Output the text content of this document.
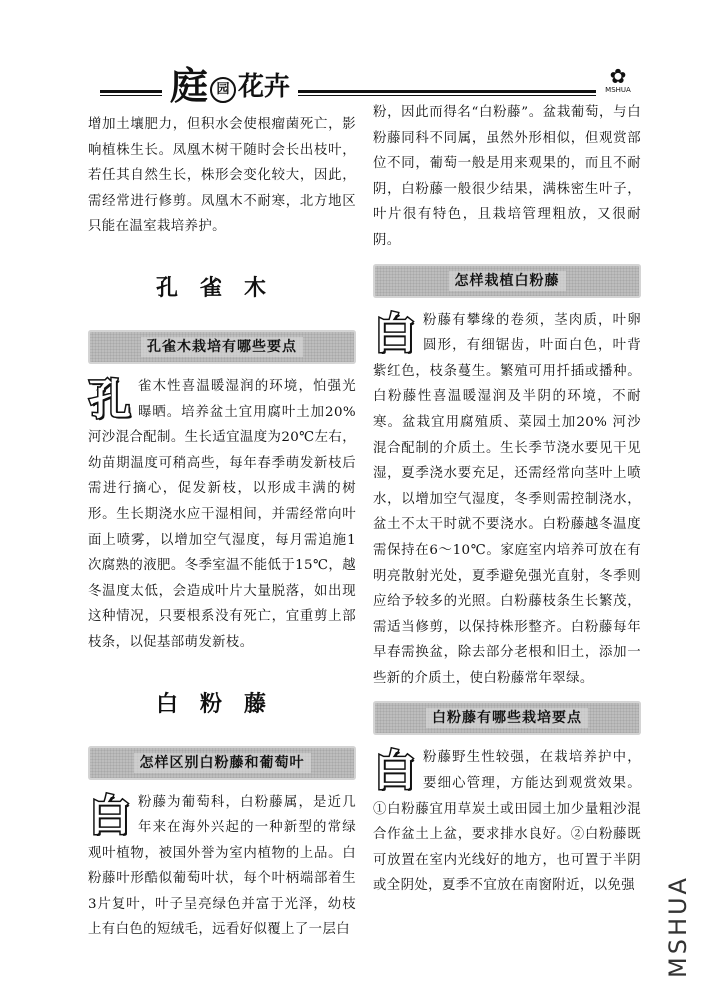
庭 园 花卉	✿
MSHUA

增加土壤肥力，但积水会使根瘤菌死亡，影响植株生长。凤凰木树干随时会长出枝叶，若任其自然生长，株形会变化较大，因此，需经常进行修剪。凤凰木不耐寒，北方地区只能在温室栽培养护。

孔雀木
孔雀木栽培有哪些要点
孔 雀木性喜温暖湿润的环境，怕强光曝晒。培养盆土宜用腐叶土加20% 河沙混合配制。生长适宜温度为20℃左右，幼苗期温度可稍高些，每年春季萌发新枝后需进行摘心，促发新枝，以形成丰满的树形。生长期浇水应干湿相间，并需经常向叶面上喷雾，以增加空气湿度，每月需追施1次腐熟的液肥。冬季室温不能低于15℃，越冬温度太低，会造成叶片大量脱落，如出现这种情况，只要根系没有死亡，宜重剪上部枝条，以促基部萌发新枝。

白粉藤
怎样区别白粉藤和葡萄叶
白 粉藤为葡萄科，白粉藤属，是近几年来在海外兴起的一种新型的常绿观叶植物，被国外誉为室内植物的上品。白粉藤叶形酷似葡萄叶状，每个叶柄端部着生3片复叶，叶子呈亮绿色并富于光泽，幼枝上有白色的短绒毛，远看好似覆上了一层白

粉，因此而得名“白粉藤”。盆栽葡萄，与白粉藤同科不同属，虽然外形相似，但观赏部位不同，葡萄一般是用来观果的，而且不耐阴，白粉藤一般很少结果，满株密生叶子，叶片很有特色，且栽培管理粗放，又很耐阴。

怎样栽植白粉藤
白 粉藤有攀缘的卷须，茎肉质，叶卵圆形，有细锯齿，叶面白色，叶背紫红色，枝条蔓生。繁殖可用扦插或播种。白粉藤性喜温暖湿润及半阴的环境，不耐寒。盆栽宜用腐殖质、菜园土加20% 河沙混合配制的介质土。生长季节浇水要见干见湿，夏季浇水要充足，还需经常向茎叶上喷水，以增加空气湿度，冬季则需控制浇水，盆土不太干时就不要浇水。白粉藤越冬温度需保持在6～10℃。家庭室内培养可放在有明亮散射光处，夏季避免强光直射，冬季则应给予较多的光照。白粉藤枝条生长繁茂，需适当修剪，以保持株形整齐。白粉藤每年早春需换盆，除去部分老根和旧土，添加一些新的介质土，使白粉藤常年翠绿。

白粉藤有哪些栽培要点
白 粉藤野生性较强，在栽培养护中，要细心管理，方能达到观赏效果。①白粉藤宜用草炭土或田园土加少量粗沙混合作盆土上盆，要求排水良好。②白粉藤既可放置在室内光线好的地方，也可置于半阴或全阴处，夏季不宜放在南窗附近，以免强 MSHUA
